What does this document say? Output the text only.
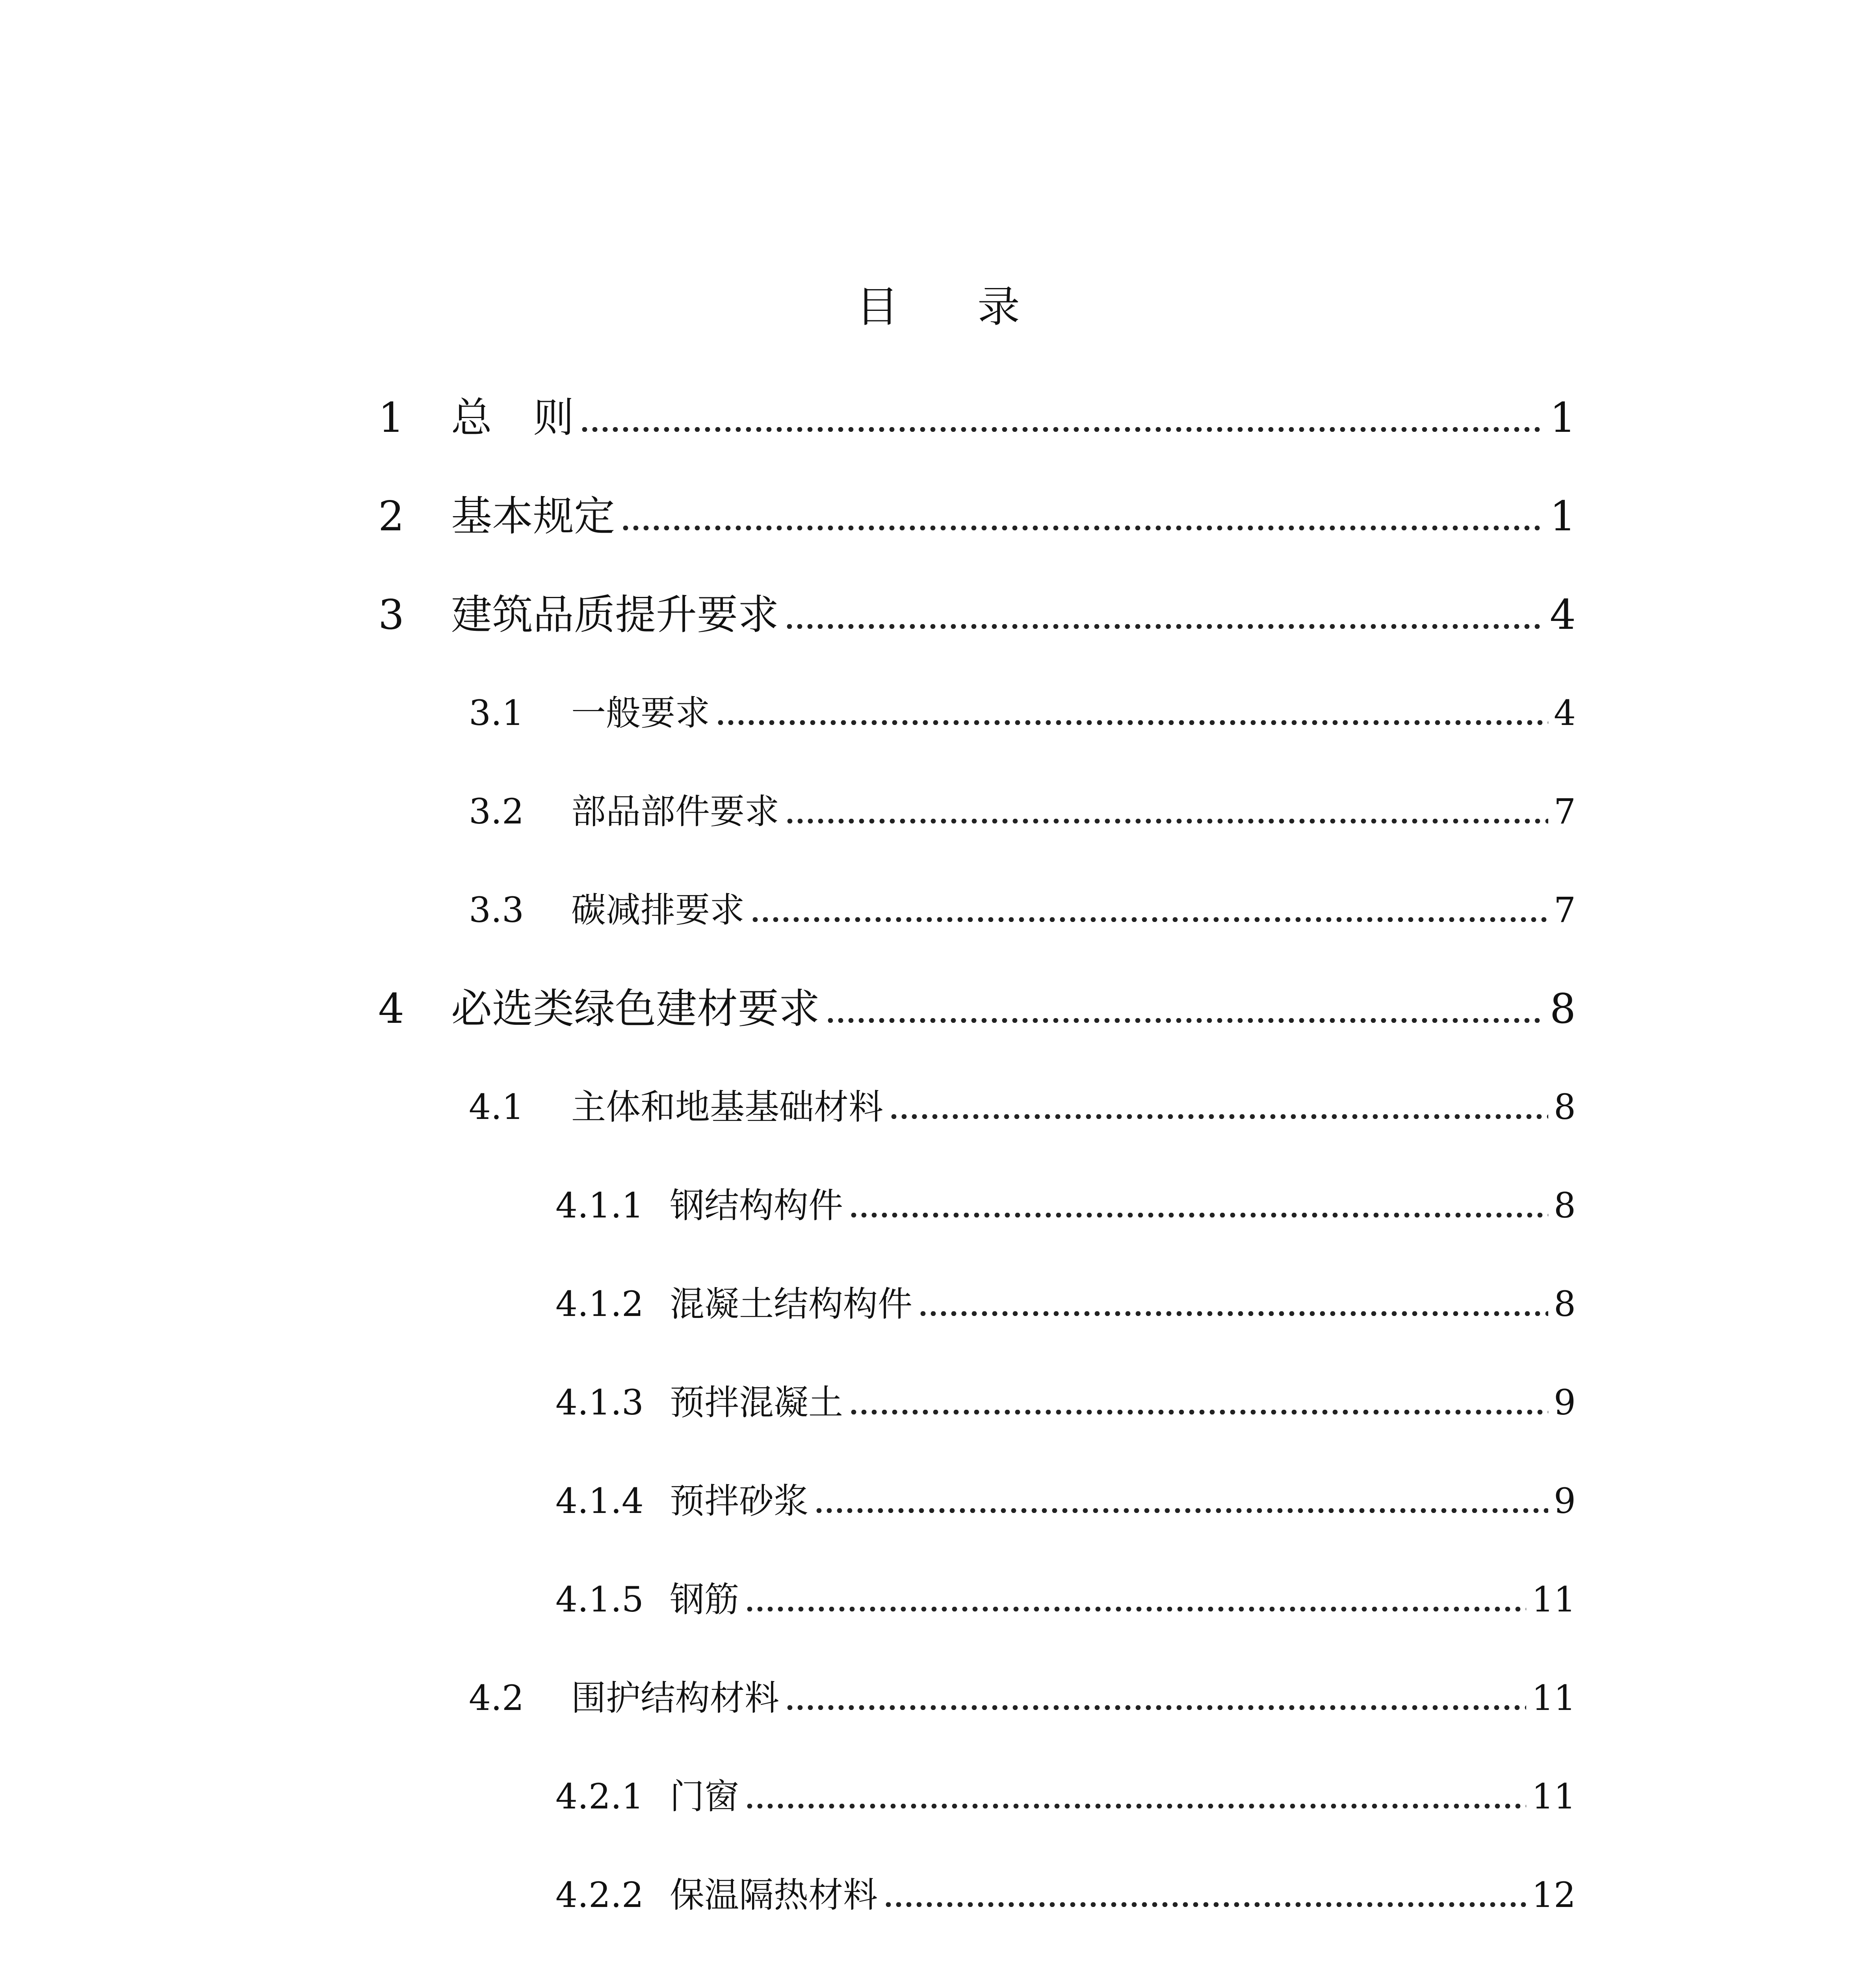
目录
1	总　则	1
2	基本规定	1
3	建筑品质提升要求	4
3.1	一般要求	4
3.2	部品部件要求	7
3.3	碳减排要求	7
4	必选类绿色建材要求	8
4.1	主体和地基基础材料	8
4.1.1 钢结构构件	8
4.1.2 混凝土结构构件	8
4.1.3 预拌混凝土	9
4.1.4 预拌砂浆	9
4.1.5 钢筋	11
4.2	围护结构材料	11
4.2.1 门窗	11
4.2.2 保温隔热材料	12
